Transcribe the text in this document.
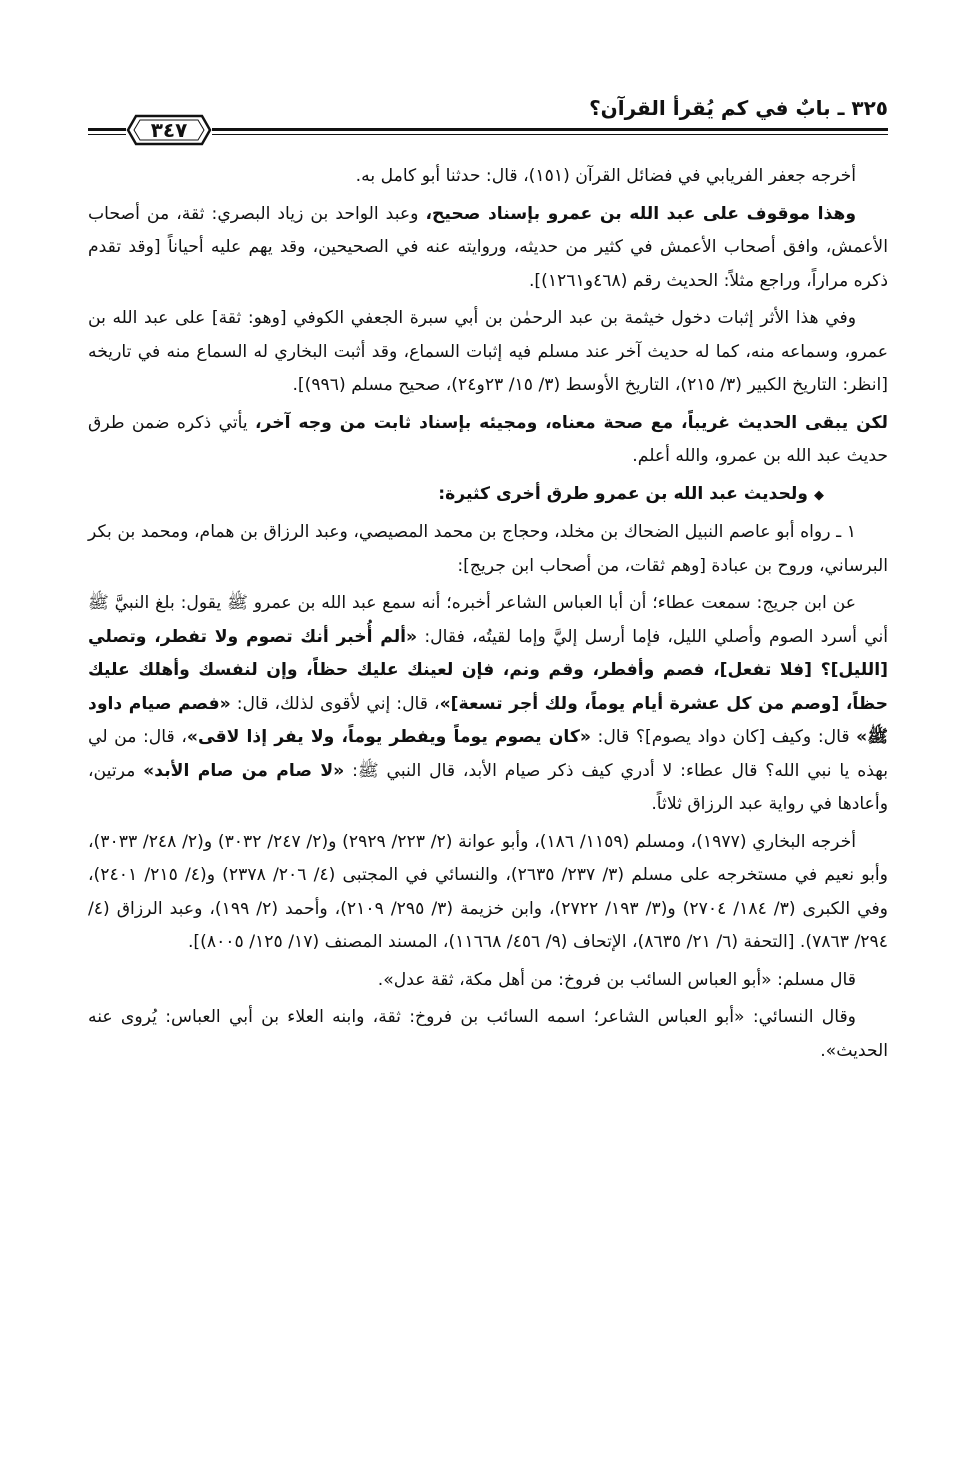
٣٢٥ ـ بابٌ في كم يُقرأ القرآن؟
٣٤٧

أخرجه جعفر الفريابي في فضائل القرآن (١٥١)، قال: حدثنا أبو كامل به.

وهذا موقوف على عبد الله بن عمرو بإسناد صحيح، وعبد الواحد بن زياد البصري: ثقة، من أصحاب الأعمش، وافق أصحاب الأعمش في كثير من حديثه، وروايته عنه في الصحيحين، وقد يهم عليه أحياناً [وقد تقدم ذكره مراراً، وراجع مثلاً: الحديث رقم (٤٦٨و١٢٦١)].

وفي هذا الأثر إثبات دخول خيثمة بن عبد الرحمٰن بن أبي سبرة الجعفي الكوفي [وهو: ثقة] على عبد الله بن عمرو، وسماعه منه، كما له حديث آخر عند مسلم فيه إثبات السماع، وقد أثبت البخاري له السماع منه في تاريخه [انظر: التاريخ الكبير (٣/ ٢١٥)، التاريخ الأوسط (٣/ ١٥/ ٢٣و٢٤)، صحيح مسلم (٩٩٦)].

لكن يبقى الحديث غريباً، مع صحة معناه، ومجيئه بإسناد ثابت من وجه آخر، يأتي ذكره ضمن طرق حديث عبد الله بن عمرو، والله أعلم.

◆ولحديث عبد الله بن عمرو طرق أخرى كثيرة:

١ ـ رواه أبو عاصم النبيل الضحاك بن مخلد، وحجاج بن محمد المصيصي، وعبد الرزاق بن همام، ومحمد بن بكر البرساني، وروح بن عبادة [وهم ثقات، من أصحاب ابن جريج]:

عن ابن جريج: سمعت عطاء؛ أن أبا العباس الشاعر أخبره؛ أنه سمع عبد الله بن عمرو ﷺ يقول: بلغ النبيَّ ﷺ أني أسرد الصوم وأصلي الليل، فإما أرسل إليَّ وإما لقيتُه، فقال: «ألم أُخبر أنك تصوم ولا تفطر، وتصلي [الليل]؟ [فلا تفعل]، فصم وأفطر، وقم ونم، فإن لعينك عليك حظاً، وإن لنفسك وأهلك عليك حظاً، [وصم من كل عشرة أيام يوماً، ولك أجر تسعة]»، قال: إني لأقوى لذلك، قال: «فصم صيام داود ﷺ» قال: وكيف [كان دواد يصوم]؟ قال: «كان يصوم يوماً ويفطر يوماً، ولا يفر إذا لاقى»، قال: من لي بهذه يا نبي الله؟ قال عطاء: لا أدري كيف ذكر صيام الأبد، قال النبي ﷺ: «لا صام من صام الأبد» مرتين، وأعادها في رواية عبد الرزاق ثلاثاً.

أخرجه البخاري (١٩٧٧)، ومسلم (١١٥٩/ ١٨٦)، وأبو عوانة (٢/ ٢٢٣/ ٢٩٢٩) و(٢/ ٢٤٧/ ٣٠٣٢) و(٢/ ٢٤٨/ ٣٠٣٣)، وأبو نعيم في مستخرجه على مسلم (٣/ ٢٣٧/ ٢٦٣٥)، والنسائي في المجتبى (٤/ ٢٠٦/ ٢٣٧٨) و(٤/ ٢١٥/ ٢٤٠١)، وفي الكبرى (٣/ ١٨٤/ ٢٧٠٤) و(٣/ ١٩٣/ ٢٧٢٢)، وابن خزيمة (٣/ ٢٩٥/ ٢١٠٩)، وأحمد (٢/ ١٩٩)، وعبد الرزاق (٤/ ٢٩٤/ ٧٨٦٣). [التحفة (٦/ ٢١/ ٨٦٣٥)، الإتحاف (٩/ ٤٥٦/ ١١٦٦٨)، المسند المصنف (١٧/ ١٢٥/ ٨٠٠٥)].

قال مسلم: «أبو العباس السائب بن فروخ: من أهل مكة، ثقة عدل».

وقال النسائي: «أبو العباس الشاعر؛ اسمه السائب بن فروخ: ثقة، وابنه العلاء بن أبي العباس: يُروى عنه الحديث».
